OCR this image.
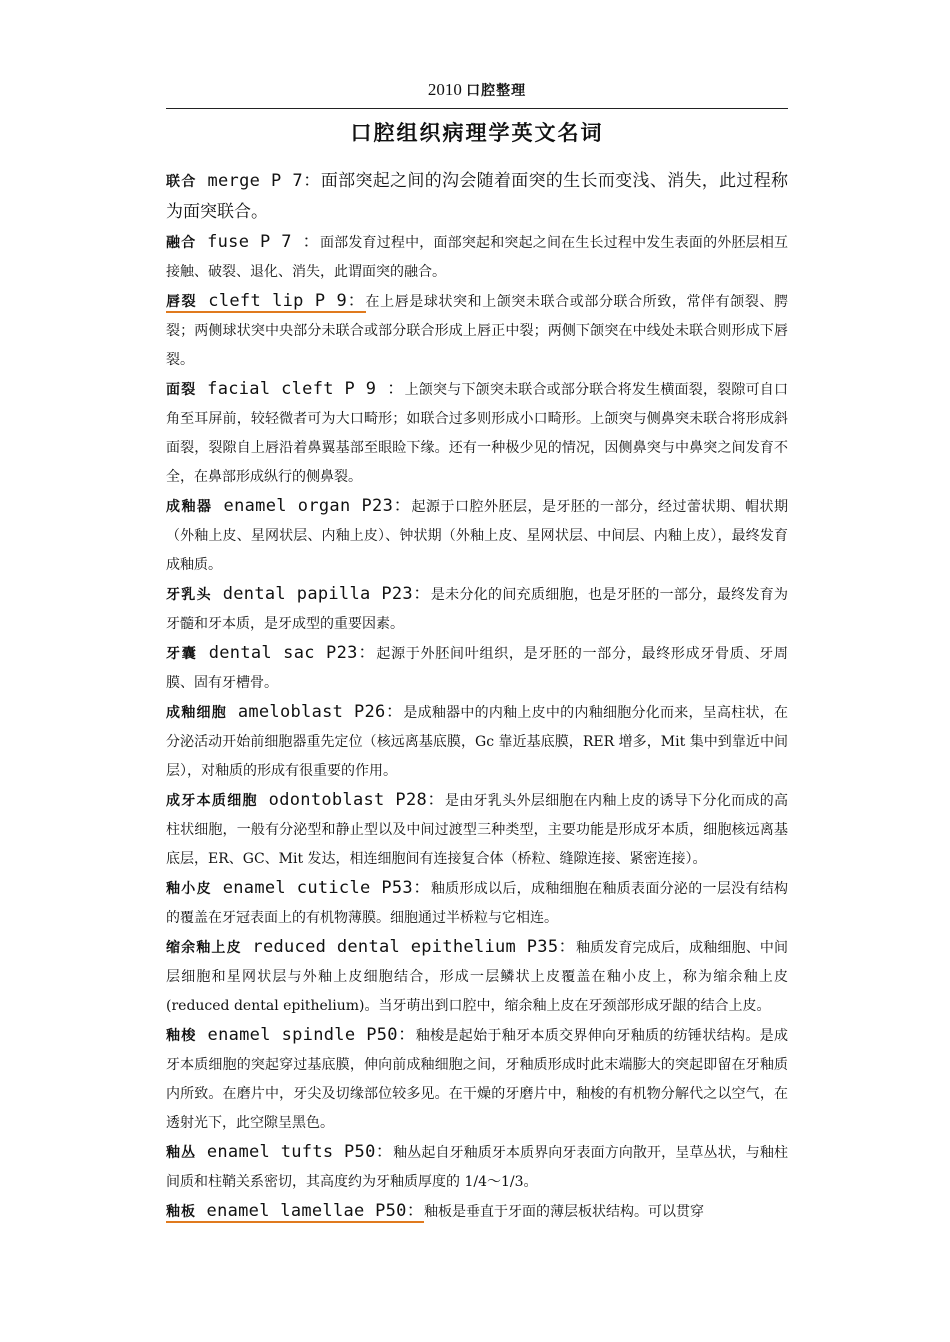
2010 口腔整理
口腔组织病理学英文名词

联合 merge P 7：面部突起之间的沟会随着面突的生长而变浅、消失，此过程称为面突联合。

融合 fuse P 7 ：面部发育过程中，面部突起和突起之间在生长过程中发生表面的外胚层相互接触、破裂、退化、消失，此谓面突的融合。

唇裂 cleft lip P 9：在上唇是球状突和上颌突未联合或部分联合所致，常伴有颌裂、腭裂；两侧球状突中央部分未联合或部分联合形成上唇正中裂；两侧下颌突在中线处未联合则形成下唇裂。

面裂 facial cleft P 9 ：上颌突与下颌突未联合或部分联合将发生横面裂，裂隙可自口角至耳屏前，较轻微者可为大口畸形；如联合过多则形成小口畸形。上颌突与侧鼻突未联合将形成斜面裂，裂隙自上唇沿着鼻翼基部至眼睑下缘。还有一种极少见的情况，因侧鼻突与中鼻突之间发育不全，在鼻部形成纵行的侧鼻裂。

成釉器 enamel organ P23：起源于口腔外胚层，是牙胚的一部分，经过蕾状期、帽状期（外釉上皮、星网状层、内釉上皮）、钟状期（外釉上皮、星网状层、中间层、内釉上皮），最终发育成釉质。

牙乳头 dental papilla P23：是未分化的间充质细胞，也是牙胚的一部分，最终发育为牙髓和牙本质，是牙成型的重要因素。

牙囊 dental sac P23：起源于外胚间叶组织，是牙胚的一部分，最终形成牙骨质、牙周膜、固有牙槽骨。

成釉细胞 ameloblast P26：是成釉器中的内釉上皮中的内釉细胞分化而来，呈高柱状，在分泌活动开始前细胞器重先定位（核远离基底膜，Gc 靠近基底膜，RER 增多，Mit 集中到靠近中间层），对釉质的形成有很重要的作用。

成牙本质细胞 odontoblast P28：是由牙乳头外层细胞在内釉上皮的诱导下分化而成的高柱状细胞，一般有分泌型和静止型以及中间过渡型三种类型，主要功能是形成牙本质，细胞核远离基底层，ER、GC、Mit 发达，相连细胞间有连接复合体（桥粒、缝隙连接、紧密连接）。

釉小皮 enamel cuticle P53：釉质形成以后，成釉细胞在釉质表面分泌的一层没有结构的覆盖在牙冠表面上的有机物薄膜。细胞通过半桥粒与它相连。

缩余釉上皮 reduced dental epithelium P35：釉质发育完成后，成釉细胞、中间层细胞和星网状层与外釉上皮细胞结合，形成一层鳞状上皮覆盖在釉小皮上，称为缩余釉上皮(reduced dental epithelium)。当牙萌出到口腔中，缩余釉上皮在牙颈部形成牙龈的结合上皮。

釉梭 enamel spindle P50：釉梭是起始于釉牙本质交界伸向牙釉质的纺锤状结构。是成牙本质细胞的突起穿过基底膜，伸向前成釉细胞之间，牙釉质形成时此末端膨大的突起即留在牙釉质内所致。在磨片中，牙尖及切缘部位较多见。在干燥的牙磨片中，釉梭的有机物分解代之以空气，在透射光下，此空隙呈黑色。

釉丛 enamel tufts P50：釉丛起自牙釉质牙本质界向牙表面方向散开，呈草丛状，与釉柱间质和柱鞘关系密切，其高度约为牙釉质厚度的 1/4～1/3。

釉板 enamel lamellae P50：釉板是垂直于牙面的薄层板状结构。可以贯穿
